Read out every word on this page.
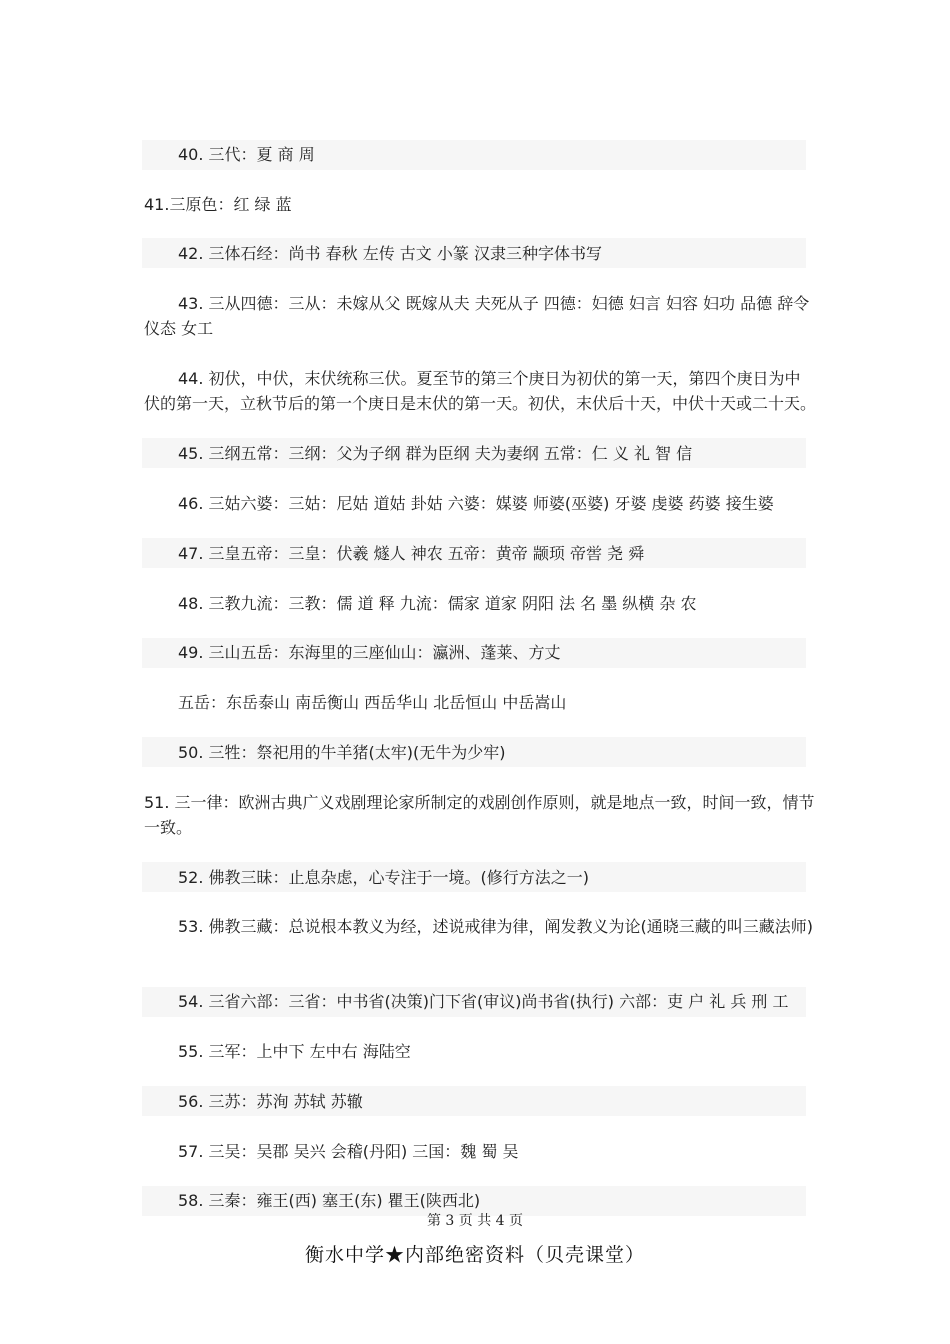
40. 三代：夏 商 周
41.三原色：红 绿 蓝
42. 三体石经：尚书 春秋 左传 古文 小篆 汉隶三种字体书写
43. 三从四德：三从：未嫁从父 既嫁从夫 夫死从子 四德：妇德 妇言 妇容 妇功 品德 辞令 仪态 女工
44. 初伏，中伏，末伏统称三伏。夏至节的第三个庚日为初伏的第一天，第四个庚日为中伏的第一天，立秋节后的第一个庚日是末伏的第一天。初伏，末伏后十天，中伏十天或二十天。
45. 三纲五常：三纲：父为子纲 群为臣纲 夫为妻纲 五常：仁 义 礼 智 信
46. 三姑六婆：三姑：尼姑 道姑 卦姑 六婆：媒婆 师婆(巫婆) 牙婆 虔婆 药婆 接生婆
47. 三皇五帝：三皇：伏羲 燧人 神农 五帝：黄帝 颛顼 帝喾 尧 舜
48. 三教九流：三教：儒 道 释 九流：儒家 道家 阴阳 法 名 墨 纵横 杂 农
49. 三山五岳：东海里的三座仙山：瀛洲、蓬莱、方丈
五岳：东岳泰山 南岳衡山 西岳华山 北岳恒山 中岳嵩山
50. 三牲：祭祀用的牛羊猪(太牢)(无牛为少牢)
51. 三一律：欧洲古典广义戏剧理论家所制定的戏剧创作原则，就是地点一致，时间一致，情节一致。
52. 佛教三昧：止息杂虑，心专注于一境。(修行方法之一)
53. 佛教三藏：总说根本教义为经，述说戒律为律，阐发教义为论(通晓三藏的叫三藏法师)
54. 三省六部：三省：中书省(决策)门下省(审议)尚书省(执行) 六部：吏 户 礼 兵 刑 工
55. 三军：上中下 左中右 海陆空
56. 三苏：苏洵 苏轼 苏辙
57. 三吴：吴郡 吴兴 会稽(丹阳) 三国：魏 蜀 吴
58. 三秦：雍王(西) 塞王(东) 瞿王(陕西北)
第 3 页 共 4 页
衡水中学★内部绝密资料（贝壳课堂）
